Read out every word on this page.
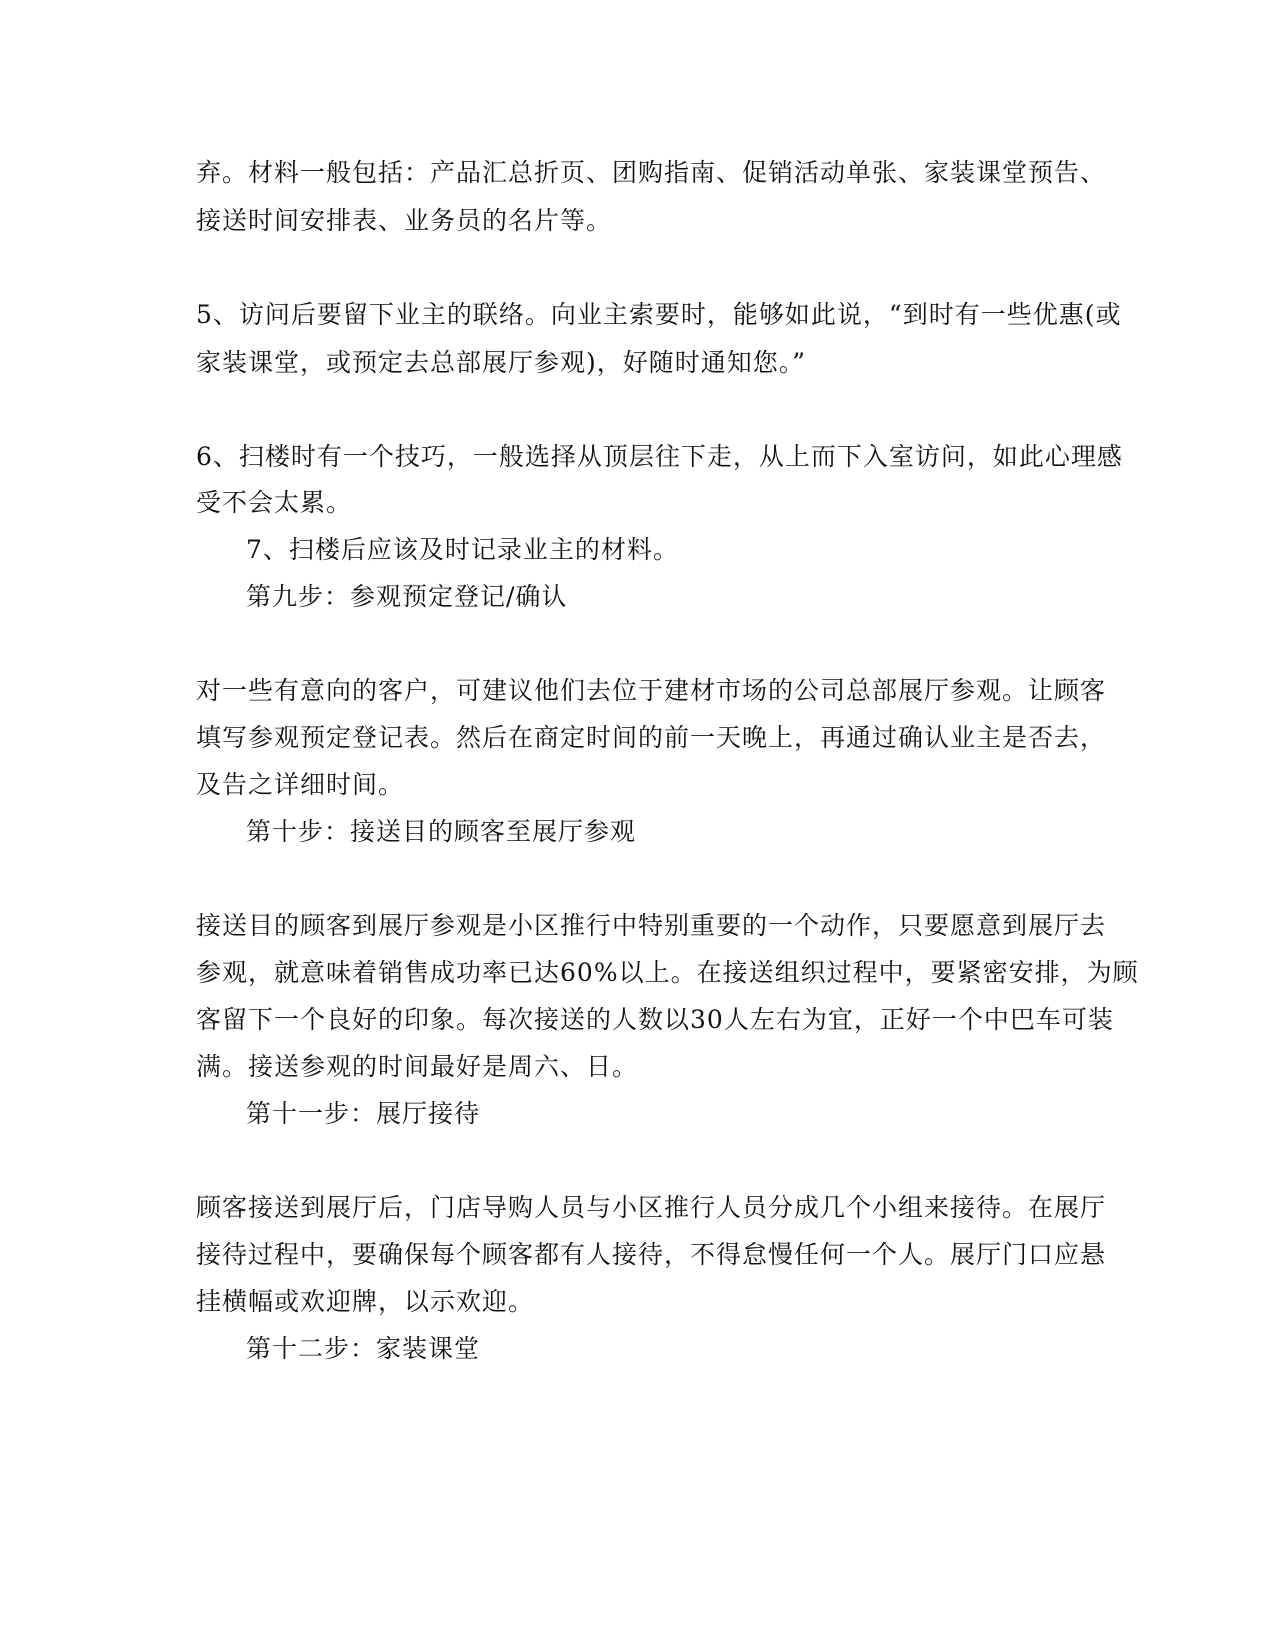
弃。材料一般包括：产品汇总折页、团购指南、促销活动单张、家装课堂预告、
接送时间安排表、业务员的名片等。
5、访问后要留下业主的联络。向业主索要时，能够如此说，“到时有一些优惠(或
家装课堂，或预定去总部展厅参观)，好随时通知您。”
6、扫楼时有一个技巧，一般选择从顶层往下走，从上而下入室访问，如此心理感
受不会太累。
7、扫楼后应该及时记录业主的材料。
第九步：参观预定登记/确认
对一些有意向的客户，可建议他们去位于建材市场的公司总部展厅参观。让顾客
填写参观预定登记表。然后在商定时间的前一天晚上，再通过确认业主是否去，
及告之详细时间。
第十步：接送目的顾客至展厅参观
接送目的顾客到展厅参观是小区推行中特别重要的一个动作，只要愿意到展厅去
参观，就意味着销售成功率已达60%以上。在接送组织过程中，要紧密安排，为顾
客留下一个良好的印象。每次接送的人数以30人左右为宜，正好一个中巴车可装
满。接送参观的时间最好是周六、日。
第十一步：展厅接待
顾客接送到展厅后，门店导购人员与小区推行人员分成几个小组来接待。在展厅
接待过程中，要确保每个顾客都有人接待，不得怠慢任何一个人。展厅门口应悬
挂横幅或欢迎牌，以示欢迎。
第十二步：家装课堂
